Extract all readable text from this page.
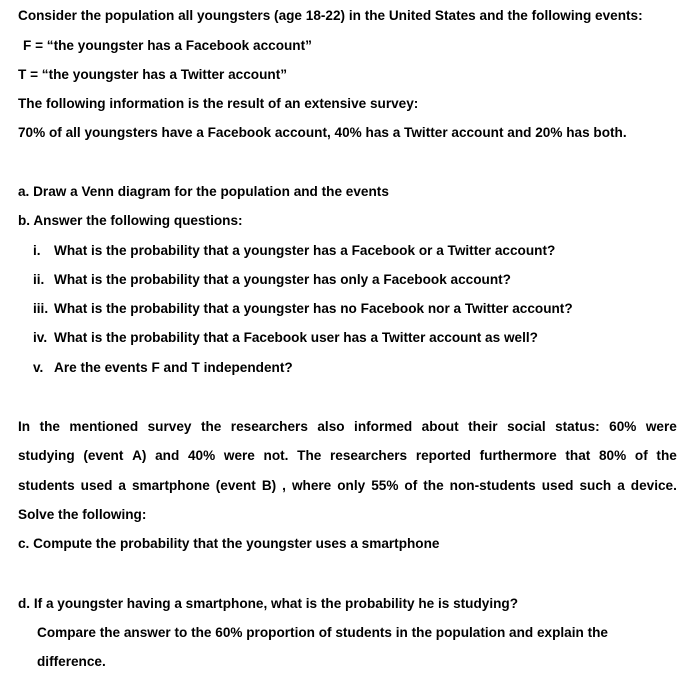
Consider the population all youngsters (age 18-22) in the United States and the following events:
F = “the youngster has a Facebook account”
T = “the youngster has a Twitter account”
The following information is the result of an extensive survey:
70% of all youngsters have a Facebook account, 40% has a Twitter account and 20% has both.
a. Draw a Venn diagram for the population and the events
b. Answer the following questions:
i. What is the probability that a youngster has a Facebook or a Twitter account?
ii. What is the probability that a youngster has only a Facebook account?
iii. What is the probability that a youngster has no Facebook nor a Twitter account?
iv. What is the probability that a Facebook user has a Twitter account as well?
v. Are the events F and T independent?
In the mentioned survey the researchers also informed about their social status: 60% were
studying (event A) and 40% were not. The researchers reported furthermore that 80% of the
students used a smartphone (event B) , where only 55% of the non-students used such a device.
Solve the following:
c. Compute the probability that the youngster uses a smartphone
d. If a youngster having a smartphone, what is the probability he is studying?
Compare the answer to the 60% proportion of students in the population and explain the
difference.
